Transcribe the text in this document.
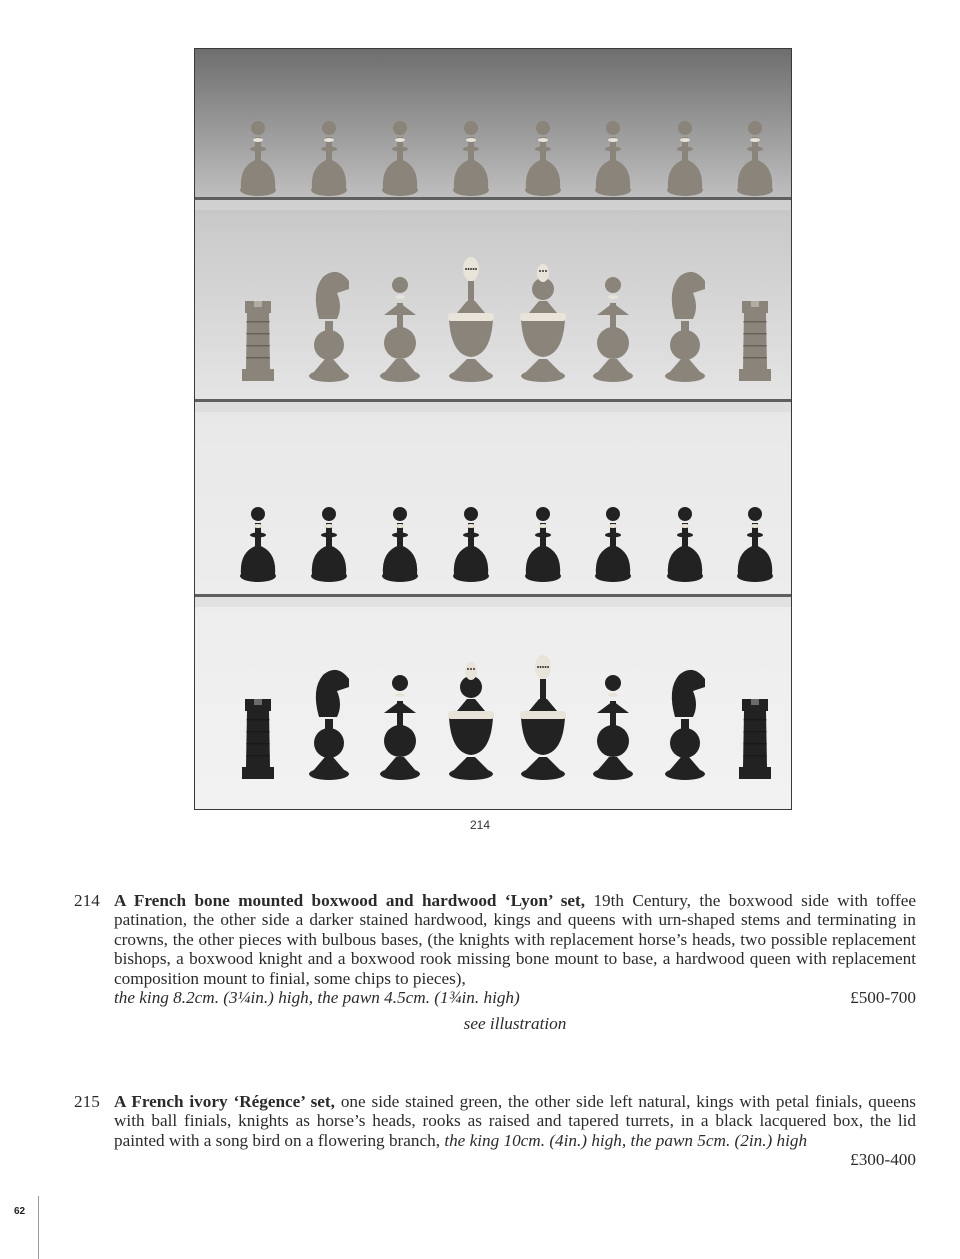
214
214 A French bone mounted boxwood and hardwood ‘Lyon’ set, 19th Century, the boxwood side with toffee patination, the other side a darker stained hardwood, kings and queens with urn-shaped stems and terminating in crowns, the other pieces with bulbous bases, (the knights with replacement horse’s heads, two possible replacement bishops, a boxwood knight and a boxwood rook missing bone mount to base, a hardwood queen with replacement composition mount to finial, some chips to pieces),
the king 8.2cm. (3¼in.) high, the pawn 4.5cm. (1¾in. high)	£500-700
see illustration
215 A French ivory ‘Régence’ set, one side stained green, the other side left natural, kings with petal finials, queens with ball finials, knights as horse’s heads, rooks as raised and tapered turrets, in a black lacquered box, the lid painted with a song bird on a flowering branch, the king 10cm. (4in.) high, the pawn 5cm. (2in.) high
£300-400
62
